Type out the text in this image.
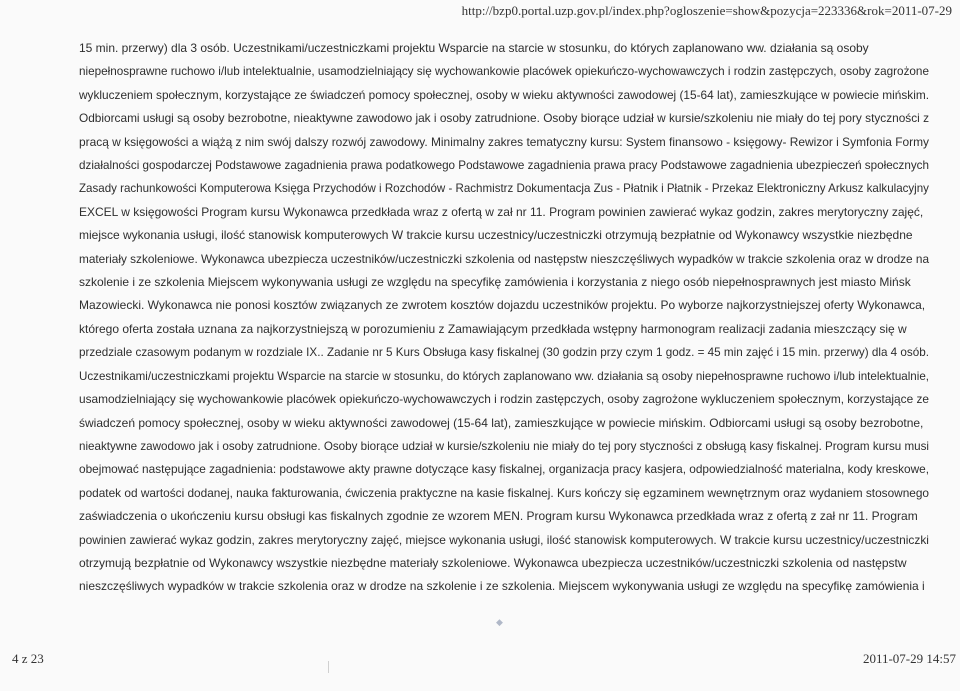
http://bzp0.portal.uzp.gov.pl/index.php?ogloszenie=show&pozycja=223336&rok=2011-07-29

15 min. przerwy) dla 3 osób. Uczestnikami/uczestniczkami projektu Wsparcie na starcie w stosunku, do których zaplanowano ww. działania są osoby

niepełnosprawne ruchowo i/lub intelektualnie, usamodzielniający się wychowankowie placówek opiekuńczo-wychowawczych i rodzin zastępczych, osoby zagrożone

wykluczeniem społecznym, korzystające ze świadczeń pomocy społecznej, osoby w wieku aktywności zawodowej (15-64 lat), zamieszkujące w powiecie mińskim.

Odbiorcami usługi są osoby bezrobotne, nieaktywne zawodowo jak i osoby zatrudnione. Osoby biorące udział w kursie/szkoleniu nie miały do tej pory styczności z

pracą w księgowości a wiążą z nim swój dalszy rozwój zawodowy. Minimalny zakres tematyczny kursu: System finansowo - księgowy- Rewizor i Symfonia Formy

działalności gospodarczej Podstawowe zagadnienia prawa podatkowego Podstawowe zagadnienia prawa pracy Podstawowe zagadnienia ubezpieczeń społecznych

Zasady rachunkowości Komputerowa Księga Przychodów i Rozchodów - Rachmistrz Dokumentacja Zus - Płatnik i Płatnik - Przekaz Elektroniczny Arkusz kalkulacyjny

EXCEL w księgowości Program kursu Wykonawca przedkłada wraz z ofertą w zał nr 11. Program powinien zawierać wykaz godzin, zakres merytoryczny zajęć,

miejsce wykonania usługi, ilość stanowisk komputerowych W trakcie kursu uczestnicy/uczestniczki otrzymują bezpłatnie od Wykonawcy wszystkie niezbędne

materiały szkoleniowe. Wykonawca ubezpiecza uczestników/uczestniczki szkolenia od następstw nieszczęśliwych wypadków w trakcie szkolenia oraz w drodze na

szkolenie i ze szkolenia Miejscem wykonywania usługi ze względu na specyfikę zamówienia i korzystania z niego osób niepełnosprawnych jest miasto Mińsk

Mazowiecki. Wykonawca nie ponosi kosztów związanych ze zwrotem kosztów dojazdu uczestników projektu. Po wyborze najkorzystniejszej oferty Wykonawca,

którego oferta została uznana za najkorzystniejszą w porozumieniu z Zamawiającym przedkłada wstępny harmonogram realizacji zadania mieszczący się w

przedziale czasowym podanym w rozdziale IX.. Zadanie nr 5 Kurs Obsługa kasy fiskalnej (30 godzin przy czym 1 godz. = 45 min zajęć i 15 min. przerwy) dla 4 osób.

Uczestnikami/uczestniczkami projektu Wsparcie na starcie w stosunku, do których zaplanowano ww. działania są osoby niepełnosprawne ruchowo i/lub intelektualnie,

usamodzielniający się wychowankowie placówek opiekuńczo-wychowawczych i rodzin zastępczych, osoby zagrożone wykluczeniem społecznym, korzystające ze

świadczeń pomocy społecznej, osoby w wieku aktywności zawodowej (15-64 lat), zamieszkujące w powiecie mińskim. Odbiorcami usługi są osoby bezrobotne,

nieaktywne zawodowo jak i osoby zatrudnione. Osoby biorące udział w kursie/szkoleniu nie miały do tej pory styczności z obsługą kasy fiskalnej. Program kursu musi

obejmować następujące zagadnienia: podstawowe akty prawne dotyczące kasy fiskalnej, organizacja pracy kasjera, odpowiedzialność materialna, kody kreskowe,

podatek od wartości dodanej, nauka fakturowania, ćwiczenia praktyczne na kasie fiskalnej. Kurs kończy się egzaminem wewnętrznym oraz wydaniem stosownego

zaświadczenia o ukończeniu kursu obsługi kas fiskalnych zgodnie ze wzorem MEN. Program kursu Wykonawca przedkłada wraz z ofertą z zał nr 11. Program

powinien zawierać wykaz godzin, zakres merytoryczny zajęć, miejsce wykonania usługi, ilość stanowisk komputerowych. W trakcie kursu uczestnicy/uczestniczki

otrzymują bezpłatnie od Wykonawcy wszystkie niezbędne materiały szkoleniowe. Wykonawca ubezpiecza uczestników/uczestniczki szkolenia od następstw

nieszczęśliwych wypadków w trakcie szkolenia oraz w drodze na szkolenie i ze szkolenia. Miejscem wykonywania usługi ze względu na specyfikę zamówienia i

◆
4 z 23	2011-07-29 14:57
